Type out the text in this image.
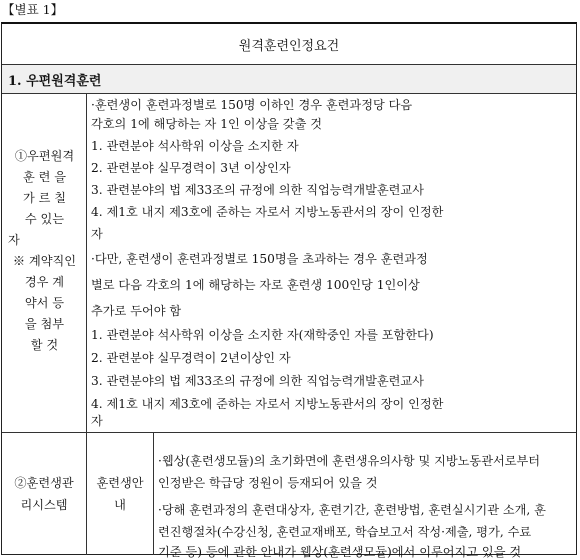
【별표 1】
원격훈련인정요건
1. 우편원격훈련
①우편원격
훈 련 을
가 르 칠
수 있는
자
※ 계약직인
경우 계
약서 등
을 첨부
할 것
·훈련생이 훈련과정별로 150명 이하인 경우 훈련과정당 다음
각호의 1에 해당하는 자 1인 이상을 갖출 것
1. 관련분야 석사학위 이상을 소지한 자
2. 관련분야 실무경력이 3년 이상인자
3. 관련분야의 법 제33조의 규정에 의한 직업능력개발훈련교사
4. 제1호 내지 제3호에 준하는 자로서 지방노동관서의 장이 인정한
자
·다만, 훈련생이 훈련과정별로 150명을 초과하는 경우 훈련과정
별로 다음 각호의 1에 해당하는 자로 훈련생 100인당 1인이상
추가로 두어야 함
1. 관련분야 석사학위 이상을 소지한 자(재학중인 자를 포함한다)
2. 관련분야 실무경력이 2년이상인 자
3. 관련분야의 법 제33조의 규정에 의한 직업능력개발훈련교사
4. 제1호 내지 제3호에 준하는 자로서 지방노동관서의 장이 인정한
자
②훈련생관
리시스템
훈련생안
내
·웹상(훈련생모듈)의 초기화면에 훈련생유의사항 및 지방노동관서로부터
인정받은 학급당 정원이 등재되어 있을 것
·당해 훈련과정의 훈련대상자, 훈련기간, 훈련방법, 훈련실시기관 소개, 훈
련진행절차(수강신청, 훈련교재배포, 학습보고서 작성·제출, 평가, 수료
기준 등) 등에 관한 안내가 웹상(훈련생모듈)에서 이루어지고 있을 것
